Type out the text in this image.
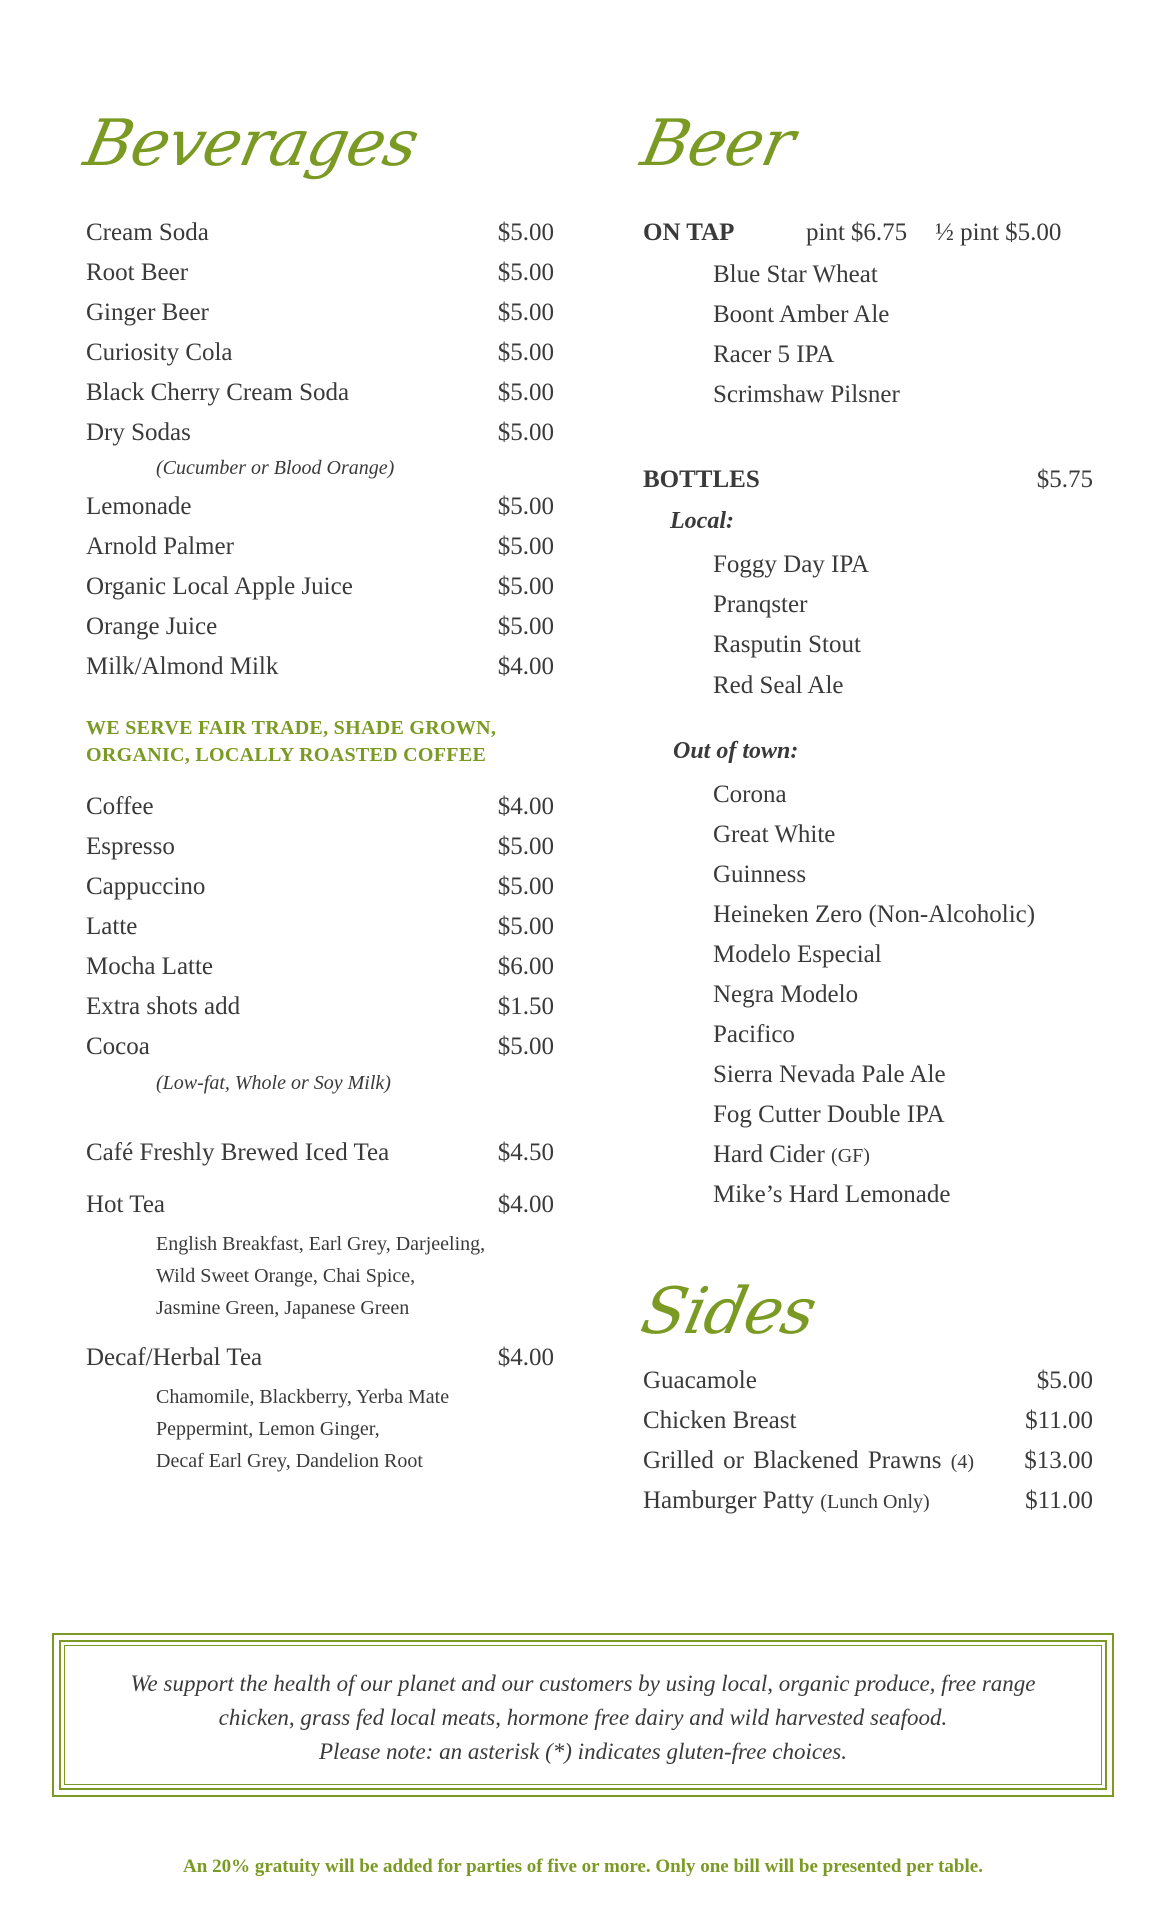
Beverages
Cream Soda	$5.00
Root Beer	$5.00
Ginger Beer	$5.00
Curiosity Cola	$5.00
Black Cherry Cream Soda	$5.00
Dry Sodas	$5.00
(Cucumber or Blood Orange)
Lemonade	$5.00
Arnold Palmer	$5.00
Organic Local Apple Juice	$5.00
Orange Juice	$5.00
Milk/Almond Milk	$4.00
WE SERVE FAIR TRADE, SHADE GROWN,
ORGANIC, LOCALLY ROASTED COFFEE
Coffee	$4.00
Espresso	$5.00
Cappuccino	$5.00
Latte	$5.00
Mocha Latte	$6.00
Extra shots add	$1.50
Cocoa	$5.00
(Low-fat, Whole or Soy Milk)
Café Freshly Brewed Iced Tea	$4.50
Hot Tea	$4.00
English Breakfast, Earl Grey, Darjeeling,
Wild Sweet Orange, Chai Spice,
Jasmine Green, Japanese Green
Decaf/Herbal Tea	$4.00
Chamomile, Blackberry, Yerba Mate
Peppermint, Lemon Ginger,
Decaf Earl Grey, Dandelion Root
Beer
ON TAP	pint $6.75 ½ pint $5.00
Blue Star Wheat
Boont Amber Ale
Racer 5 IPA
Scrimshaw Pilsner
BOTTLES	$5.75
Local:
Foggy Day IPA
Pranqster
Rasputin Stout
Red Seal Ale
Out of town:
Corona
Great White
Guinness
Heineken Zero (Non-Alcoholic)
Modelo Especial
Negra Modelo
Pacifico
Sierra Nevada Pale Ale
Fog Cutter Double IPA
Hard Cider (GF)
Mike’s Hard Lemonade
Sides
Guacamole	$5.00
Chicken Breast	$11.00
Grilled or Blackened Prawns (4) $13.00
Hamburger Patty (Lunch Only)	$11.00
We support the health of our planet and our customers by using local, organic produce, free range
chicken, grass fed local meats, hormone free dairy and wild harvested seafood.
Please note: an asterisk (*) indicates gluten-free choices.
An 20% gratuity will be added for parties of five or more. Only one bill will be presented per table.
